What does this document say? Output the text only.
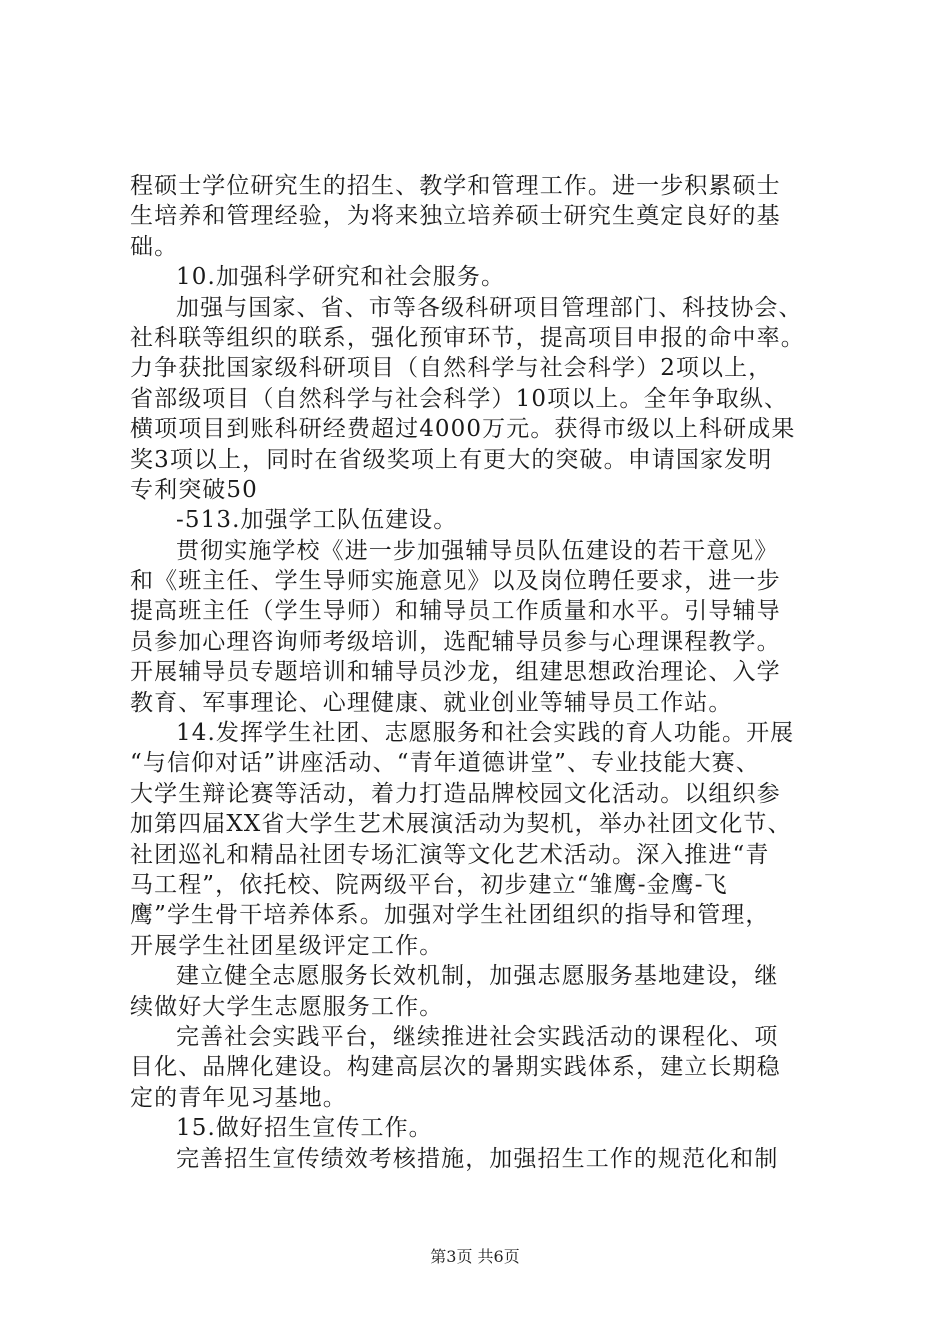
程硕士学位研究生的招生、教学和管理工作。进一步积累硕士
生培养和管理经验，为将来独立培养硕士研究生奠定良好的基
础。
10.加强科学研究和社会服务。
加强与国家、省、市等各级科研项目管理部门、科技协会、
社科联等组织的联系，强化预审环节，提高项目申报的命中率。
力争获批国家级科研项目（自然科学与社会科学）2项以上，
省部级项目（自然科学与社会科学）10项以上。全年争取纵、
横项项目到账科研经费超过4000万元。获得市级以上科研成果
奖3项以上，同时在省级奖项上有更大的突破。申请国家发明
专利突破50
-513.加强学工队伍建设。
贯彻实施学校《进一步加强辅导员队伍建设的若干意见》
和《班主任、学生导师实施意见》以及岗位聘任要求，进一步
提高班主任（学生导师）和辅导员工作质量和水平。引导辅导
员参加心理咨询师考级培训，选配辅导员参与心理课程教学。
开展辅导员专题培训和辅导员沙龙，组建思想政治理论、入学
教育、军事理论、心理健康、就业创业等辅导员工作站。
14.发挥学生社团、志愿服务和社会实践的育人功能。开展
“与信仰对话”讲座活动、“青年道德讲堂”、专业技能大赛、
大学生辩论赛等活动，着力打造品牌校园文化活动。以组织参
加第四届XX省大学生艺术展演活动为契机，举办社团文化节、
社团巡礼和精品社团专场汇演等文化艺术活动。深入推进“青
马工程”，依托校、院两级平台，初步建立“雏鹰-金鹰-飞
鹰”学生骨干培养体系。加强对学生社团组织的指导和管理，
开展学生社团星级评定工作。
建立健全志愿服务长效机制，加强志愿服务基地建设，继
续做好大学生志愿服务工作。
完善社会实践平台，继续推进社会实践活动的课程化、项
目化、品牌化建设。构建高层次的暑期实践体系，建立长期稳
定的青年见习基地。
15.做好招生宣传工作。
完善招生宣传绩效考核措施，加强招生工作的规范化和制
第3页 共6页
